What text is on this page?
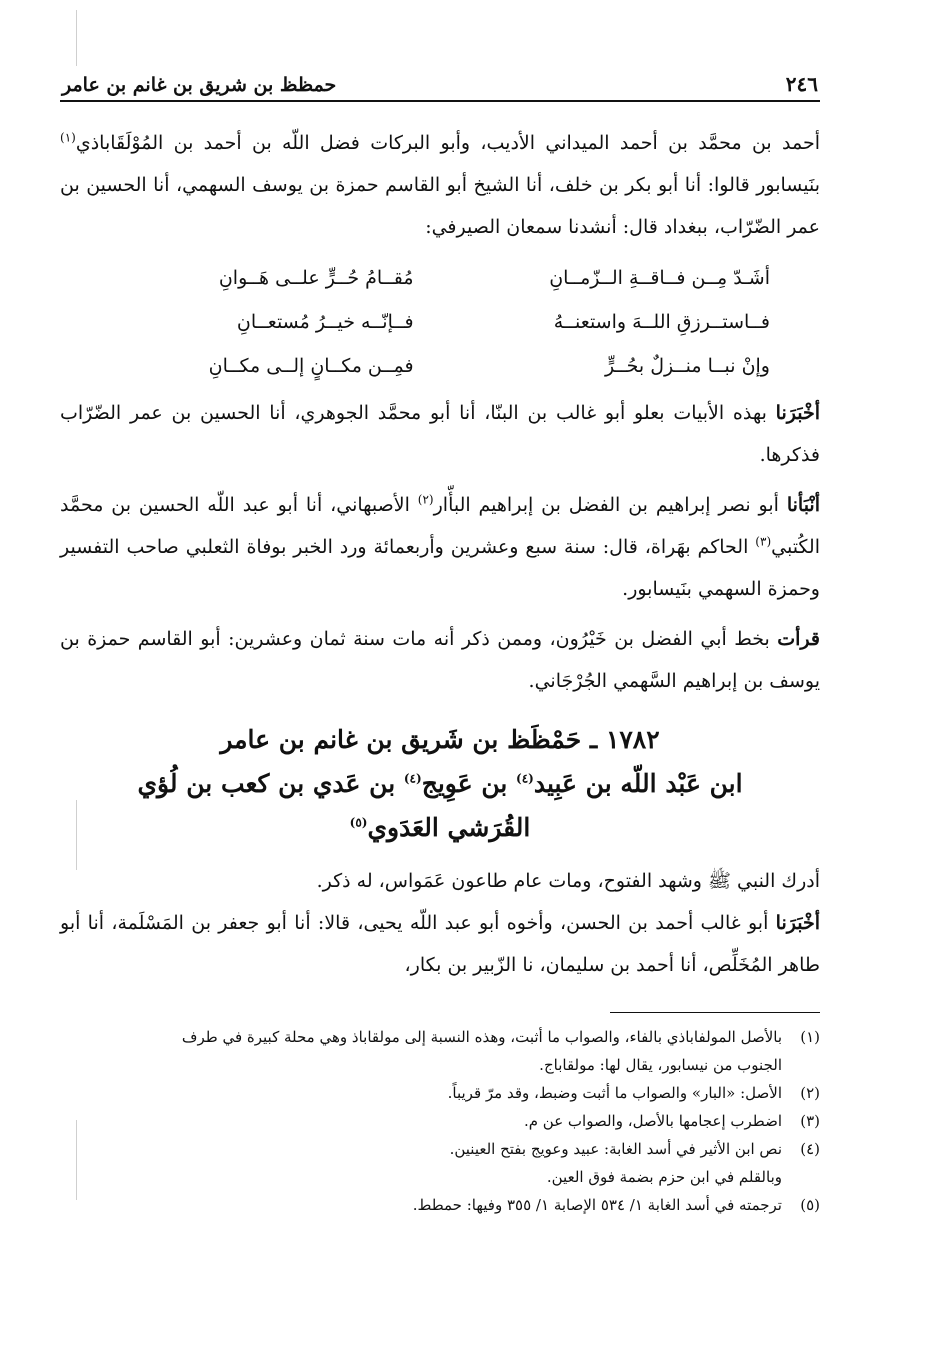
٢٤٦
حمظظ بن شريق بن غانم بن عامر

أحمد بن محمَّد بن أحمد الميداني الأديب، وأبو البركات فضل اللّه بن أحمد بن المُوْلَقَاباذي$^{(١)}$ بنَيسابور قالوا: أنا أبو بكر بن خلف، أنا الشيخ أبو القاسم حمزة بن يوسف السهمي، أنا الحسين بن عمر الضّرّاب، ببغداد قال: أنشدنا سمعان الصيرفي:

أشَـدّ مِــن فــاقــةِ الــزّمــانِ
مُقــامُ حُــرٍّ علــى هَــوانِ
فــاستــرزقِ اللــهَ واستعنــهُ
فــإنّــه خيــرُ مُستعــانِ
وإنْ نبــا منــزلٌ بحُــرٍّ
فمِــن مكــانٍ إلــى مكــانِ

أخْبَرَنا بهذه الأبيات بعلو أبو غالب بن البنّا، أنا أبو محمَّد الجوهري، أنا الحسين بن عمر الضّرّاب فذكرها.

أنْبَأنا أبو نصر إبراهيم بن الفضل بن إبراهيم البأّار$^{(٢)}$ الأصبهاني، أنا أبو عبد اللّه الحسين بن محمَّد الكُتبي$^{(٣)}$ الحاكم بهَراة، قال: سنة سبع وعشرين وأربعمائة ورد الخبر بوفاة الثعلبي صاحب التفسير وحمزة السهمي بنَيسابور.

قرأت بخط أبي الفضل بن خَيْرُون، وممن ذكر أنه مات سنة ثمان وعشرين: أبو القاسم حمزة بن يوسف بن إبراهيم السَّهمي الجُرْجَاني.

١٧٨٢ ـ حَمْظَظ بن شَريق بن غانم بن عامر
ابن عَبْد اللّه بن عَبِيد$^{(٤)}$ بن عَوِيج$^{(٤)}$ بن عَدي بن كعب بن لُؤي
القُرَشي العَدَوي$^{(٥)}$

أدرك النبي ﷺ وشهد الفتوح، ومات عام طاعون عَمَواس، له ذكر.

أخْبَرَنا أبو غالب أحمد بن الحسن، وأخوه أبو عبد اللّه يحيى، قالا: أنا أبو جعفر بن المَسْلَمة، أنا أبو طاهر المُخَلِّص، أنا أحمد بن سليمان، نا الزّبير بن بكار،

(١)
بالأصل المولفاباذي بالفاء، والصواب ما أثبت، وهذه النسبة إلى مولقاباذ وهي محلة كبيرة في طرف
الجنوب من نيسابور، يقال لها: مولقاباج.
(٢)
الأصل: «البار» والصواب ما أثبت وضبط، وقد مرّ قريباً.
(٣)
اضطرب إعجامها بالأصل، والصواب عن م.
(٤)
نص ابن الأثير في أسد الغابة: عبيد وعويج بفتح العينين.
وبالقلم في ابن حزم بضمة فوق العين.
(٥)
ترجمته في أسد الغابة ١/ ٥٣٤ الإصابة ١/ ٣٥٥ وفيها: حمطط.
